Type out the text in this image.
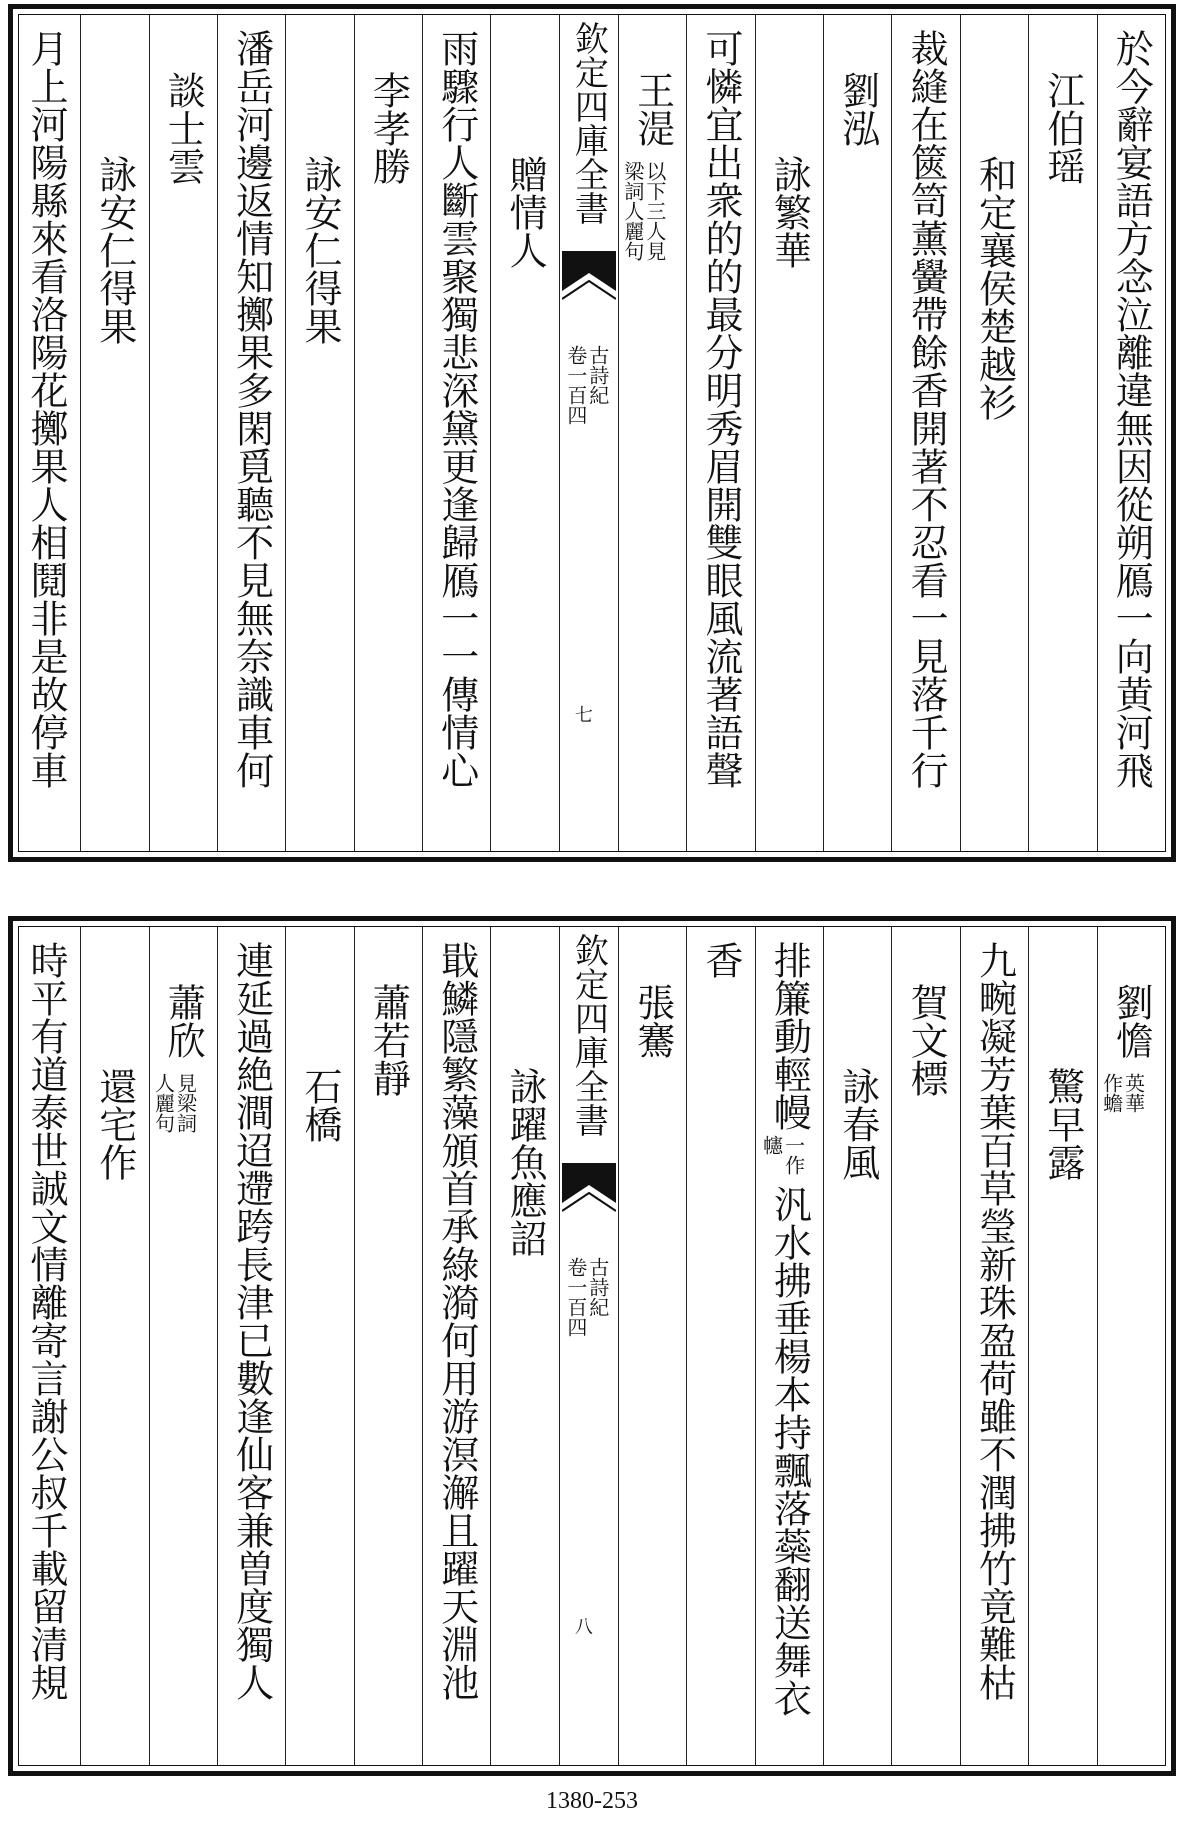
於今辭宴語方念泣離違無因從朔鴈一向黄河飛
江伯瑶
和定襄侯楚越衫
裁縫在篋笥薰黌帶餘香開著不忍看一見落千行
劉泓
詠繁華
可憐宜出衆的的最分明秀眉開雙眼風流著語聲
王湜
以下三人見
梁詞人麗句
欽定四庫全書
古詩紀
卷一百四
七
贈情人
雨驟行人斷雲聚獨悲深黛更逢歸鴈一一傳情心
李孝勝
詠安仁得果
潘岳河邊返情知擲果多閑覓聽不見無奈識車何
談士雲
詠安仁得果
月上河陽縣來看洛陽花擲果人相鬩非是故停車
劉憺
英華
作蟾
驚早露
九畹凝芳葉百草瑩新珠盈荷雖不潤拂竹竟難枯
賀文標
詠春風
排簾動輕幔
一作
幰
汎水拂垂楊本持飄落蘂翻送舞衣
香
張騫
欽定四庫全書
古詩紀
卷一百四
八
詠躍魚應詔
戢鱗隱繁藻頒首承綠漪何用游溟澥且躍天淵池
蕭若靜
石橋
連延過絶澗迢遰跨長津已數逢仙客兼曽度獨人
蕭欣
見梁詞
人麗句
還宅作
時平有道泰世誠文情離寄言謝公叔千載留清規
1380-253
